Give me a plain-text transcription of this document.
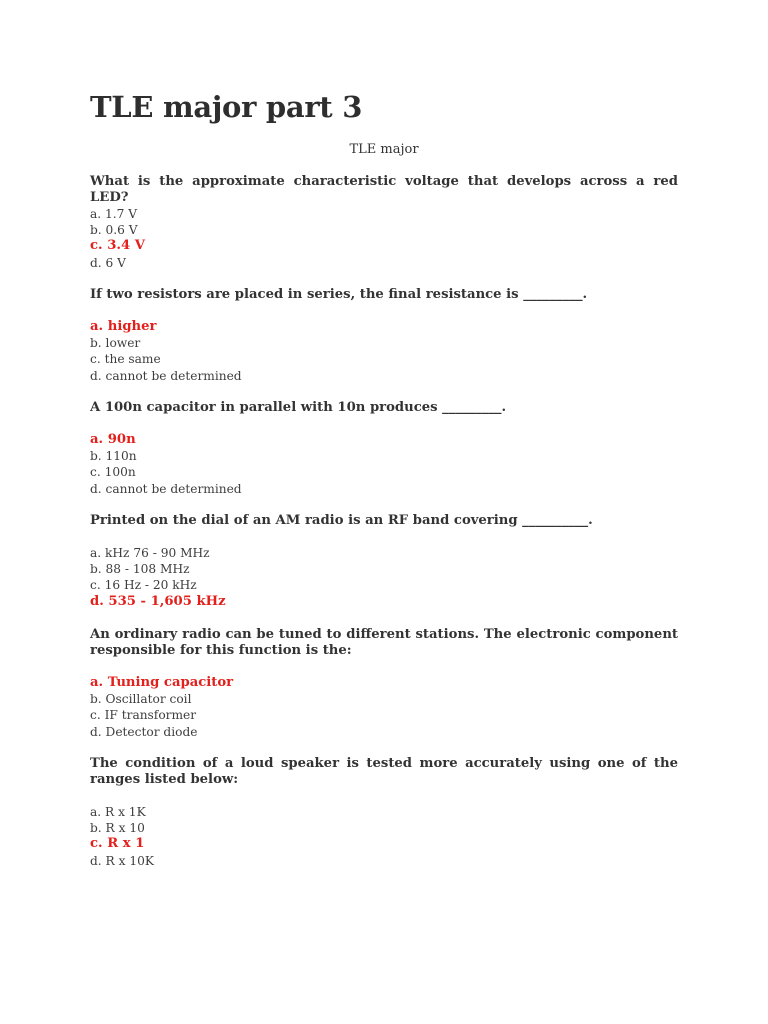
TLE major part 3

TLE major

What is the approximate characteristic voltage that develops across a red LED?

a. 1.7 V
b. 0.6 V
c. 3.4 V
d. 6 V

If two resistors are placed in series, the final resistance is _________.

a. higher
b. lower
c. the same
d. cannot be determined

A 100n capacitor in parallel with 10n produces _________.

a. 90n
b. 110n
c. 100n
d. cannot be determined

Printed on the dial of an AM radio is an RF band covering __________.

a. kHz 76 - 90 MHz
b. 88 - 108 MHz
c. 16 Hz - 20 kHz
d. 535 - 1,605 kHz

An ordinary radio can be tuned to different stations. The electronic component responsible for this function is the:

a. Tuning capacitor
b. Oscillator coil
c. IF transformer
d. Detector diode

The condition of a loud speaker is tested more accurately using one of the ranges listed below:

a. R x 1K
b. R x 10
c. R x 1
d. R x 10K
